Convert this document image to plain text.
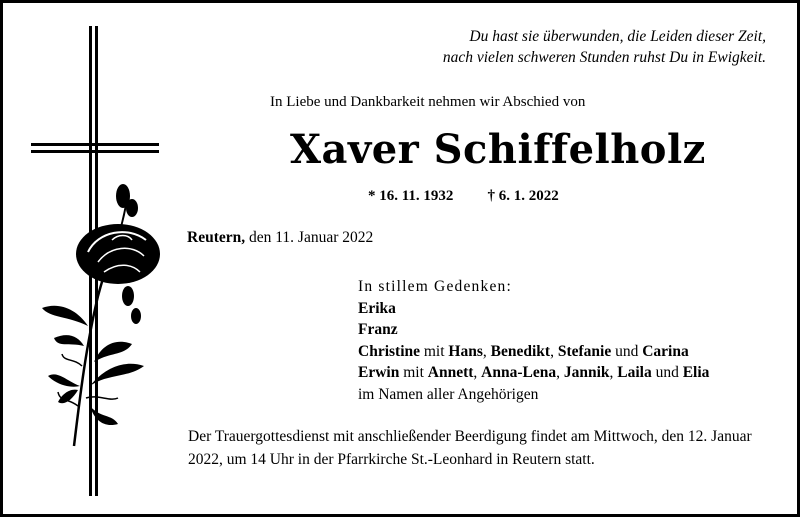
Du hast sie überwunden, die Leiden dieser Zeit,
nach vielen schweren Stunden ruhst Du in Ewigkeit.
In Liebe und Dankbarkeit nehmen wir Abschied von
Xaver Schiffelholz
* 16. 11. 1932 † 6. 1. 2022
Reutern, den 11. Januar 2022
In stillem Gedenken:
Erika
Franz
Christine mit Hans, Benedikt, Stefanie und Carina
Erwin mit Annett, Anna-Lena, Jannik, Laila und Elia
im Namen aller Angehörigen
Der Trauergottesdienst mit anschließender Beerdigung findet am Mittwoch, den 12. Januar 2022, um 14 Uhr in der Pfarrkirche St.-Leonhard in Reutern statt.
